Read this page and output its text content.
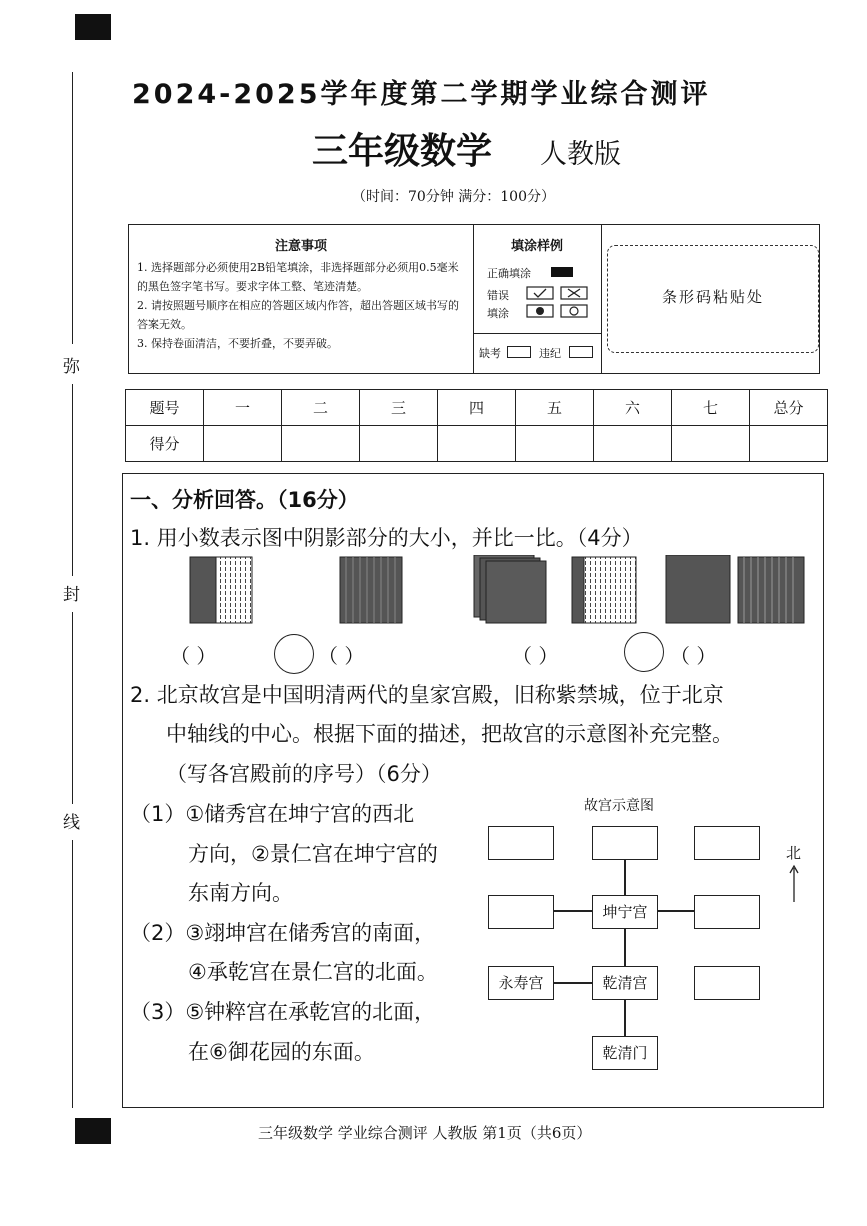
弥
封
线
2024-2025学年度第二学期学业综合测评
三年级数学 人教版
（时间：70分钟 满分：100分）
注意事项
1. 选择题部分必须使用2B铅笔填涂，非选择题部分必须用0.5毫米的黑色签字笔书写。要求字体工整、笔迹清楚。
2. 请按照题号顺序在相应的答题区域内作答，超出答题区域书写的答案无效。
3. 保持卷面清洁，不要折叠，不要弄破。
填涂样例
正确填涂
错误
填涂
缺考	违纪
条形码粘贴处
题号	一	二	三	四	五	六	七	总分
得分								
一、分析回答。（16分）
1. 用小数表示图中阴影部分的大小，并比一比。（4分）
（ ）	（ ）	（ ）	（ ）
2. 北京故宫是中国明清两代的皇家宫殿，旧称紫禁城，位于北京
中轴线的中心。根据下面的描述，把故宫的示意图补充完整。
（写各宫殿前的序号）（6分）
（1）①储秀宫在坤宁宫的西北
方向，②景仁宫在坤宁宫的
东南方向。
（2）③翊坤宫在储秀宫的南面，
④承乾宫在景仁宫的北面。
（3）⑤钟粹宫在承乾宫的北面，
在⑥御花园的东面。
故宫示意图
北
坤宁宫
永寿宫	乾清宫
乾清门
三年级数学 学业综合测评 人教版 第1页（共6页）
